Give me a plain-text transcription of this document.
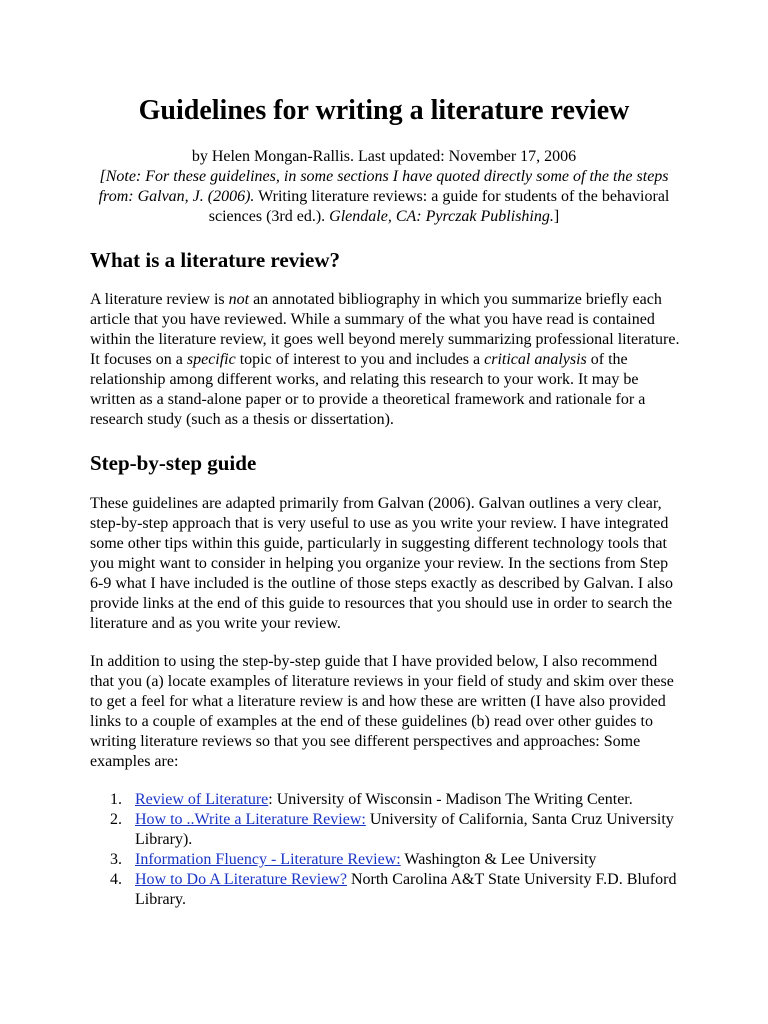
Guidelines for writing a literature review

by Helen Mongan-Rallis. Last updated: November 17, 2006
[Note: For these guidelines, in some sections I have quoted directly some of the the steps from: Galvan, J. (2006). Writing literature reviews: a guide for students of the behavioral sciences (3rd ed.). Glendale, CA: Pyrczak Publishing.]

What is a literature review?

A literature review is not an annotated bibliography in which you summarize briefly each article that you have reviewed. While a summary of the what you have read is contained within the literature review, it goes well beyond merely summarizing professional literature. It focuses on a specific topic of interest to you and includes a critical analysis of the relationship among different works, and relating this research to your work. It may be written as a stand-alone paper or to provide a theoretical framework and rationale for a research study (such as a thesis or dissertation).

Step-by-step guide

These guidelines are adapted primarily from Galvan (2006). Galvan outlines a very clear, step-by-step approach that is very useful to use as you write your review. I have integrated some other tips within this guide, particularly in suggesting different technology tools that you might want to consider in helping you organize your review. In the sections from Step 6-9 what I have included is the outline of those steps exactly as described by Galvan. I also provide links at the end of this guide to resources that you should use in order to search the literature and as you write your review.

In addition to using the step-by-step guide that I have provided below, I also recommend that you (a) locate examples of literature reviews in your field of study and skim over these to get a feel for what a literature review is and how these are written (I have also provided links to a couple of examples at the end of these guidelines (b) read over other guides to writing literature reviews so that you see different perspectives and approaches: Some examples are:

1. Review of Literature: University of Wisconsin - Madison The Writing Center.
2. How to ..Write a Literature Review: University of California, Santa Cruz University Library).
3. Information Fluency - Literature Review: Washington & Lee University
4. How to Do A Literature Review? North Carolina A&T State University F.D. Bluford Library.
